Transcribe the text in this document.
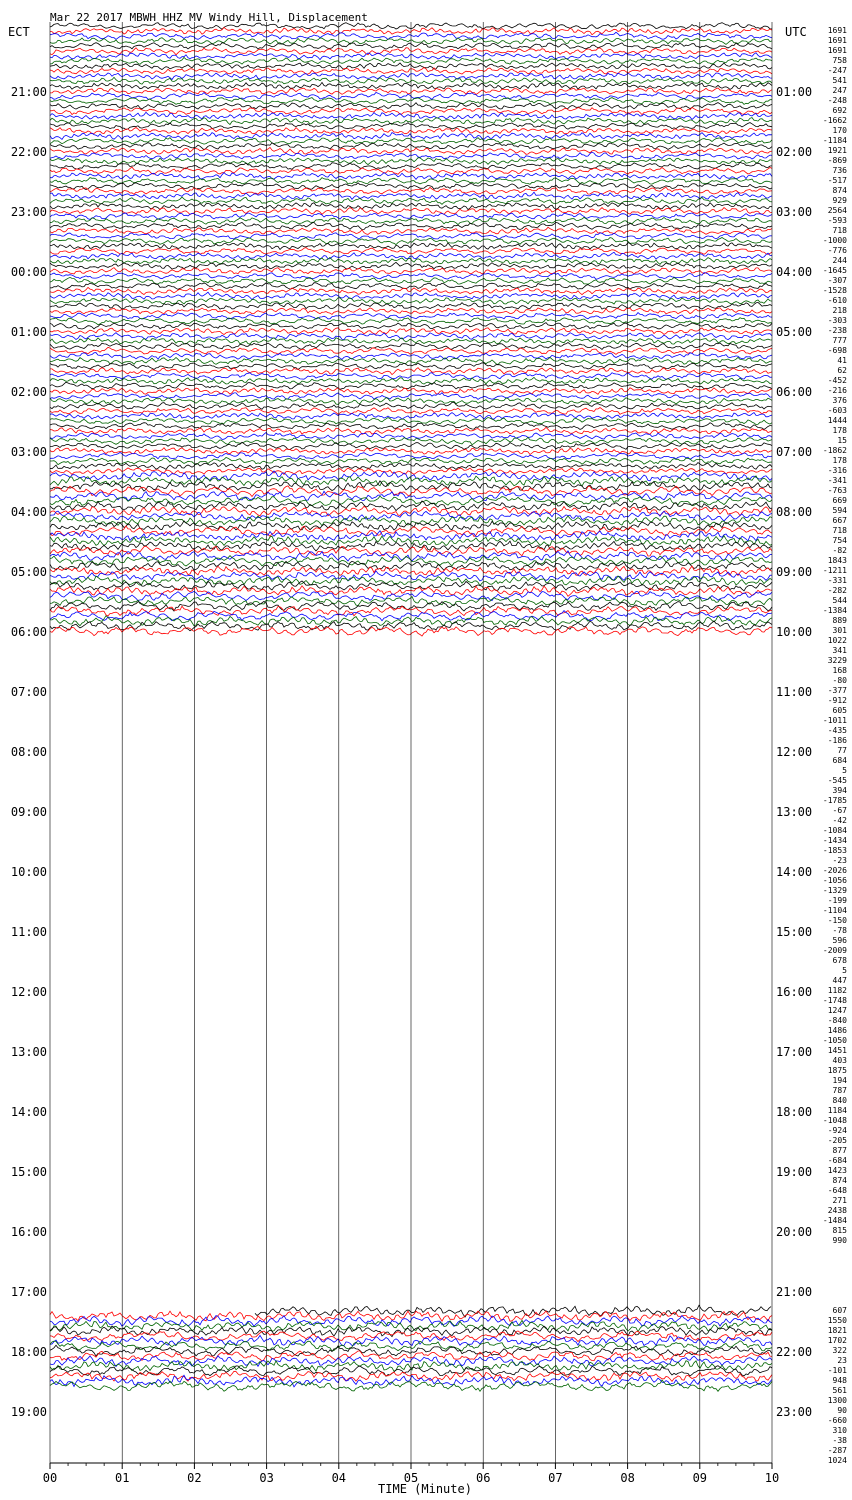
Mar 22 2017 MBWH HHZ MV Windy Hill, Displacement
ECT	UTC
21:00
22:00
23:00
00:00
01:00
02:00
03:00
04:00
05:00
06:00
07:00
08:00
09:00
10:00
11:00
12:00
13:00
14:00
15:00
16:00
17:00
18:00
19:00
01:00
02:00
03:00
04:00
05:00
06:00
07:00
08:00
09:00
10:00
11:00
12:00
13:00
14:00
15:00
16:00
17:00
18:00
19:00
20:00
21:00
22:00
23:00
1691
1691
1691
758
-247
541
247
-248
692
-1662
170
-1184
1921
-869
736
-517
874
929
2564
-593
718
-1000
-776
244
-1645
-307
-1528
-610
218
-303
-238
777
-698
41
62
-452
-216
376
-603
1444
178
15
-1862
178
-316
-341
-763
669
594
667
718
754
-82
1843
-1211
-331
-282
544
-1384
889
301
1022
341
3229
168
-80
-377
-912
605
-1011
-435
-186
77
684
5
-545
394
-1785
-67
-42
-1084
-1434
-1853
-23
-2026
-1056
-1329
-199
-1104
-150
-78
596
-2009
678
5
447
1182
-1748
1247
-840
1486
-1050
1451
403
1875
194
787
840
1184
-1048
-924
-205
877
-684
1423
874
-648
271
2438
-1484
815
990
607
1550
1821
1702
322
23
-101
948
561
1300
90
-660
310
-38
-287
1024
00	01	02	03	04	05	06	07	08	09	10
TIME (Minute)
